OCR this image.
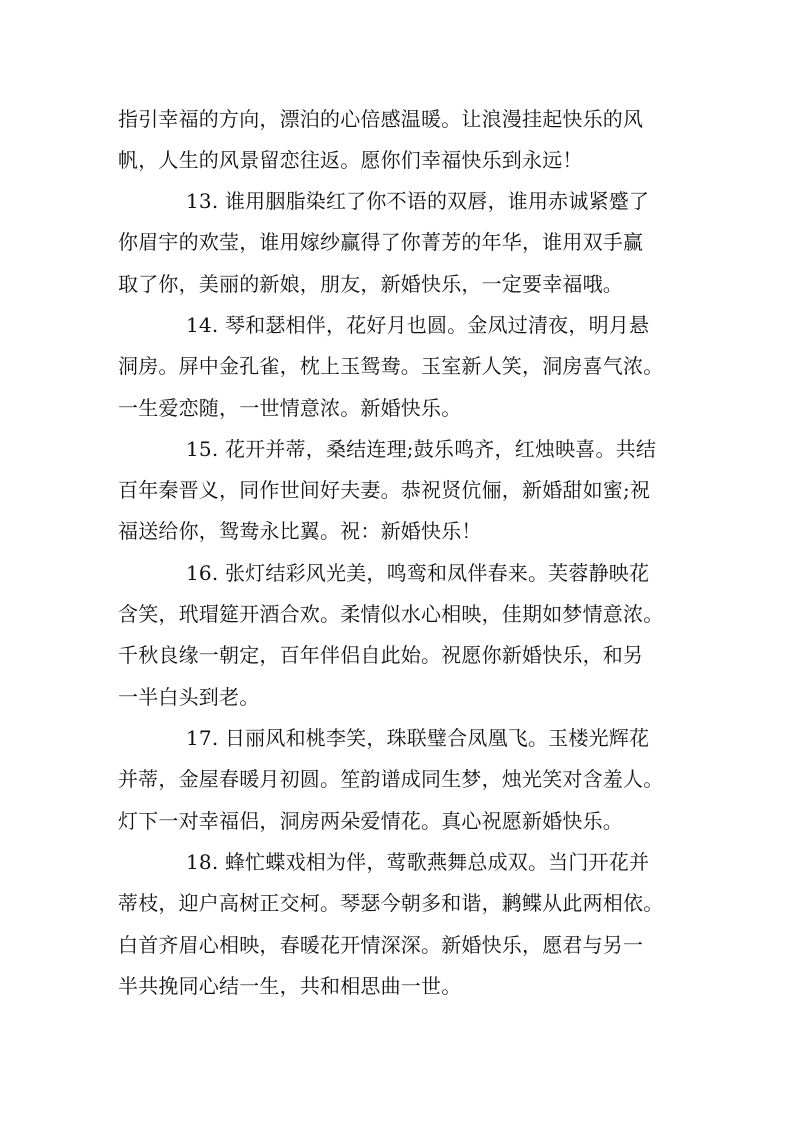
指引幸福的方向，漂泊的心倍感温暖。让浪漫挂起快乐的风
帆，人生的风景留恋往返。愿你们幸福快乐到永远！
13. 谁用胭脂染红了你不语的双唇，谁用赤诚紧蹙了
你眉宇的欢莹，谁用嫁纱赢得了你菁芳的年华，谁用双手赢
取了你，美丽的新娘，朋友，新婚快乐，一定要幸福哦。
14. 琴和瑟相伴，花好月也圆。金凤过清夜，明月悬
洞房。屏中金孔雀，枕上玉鸳鸯。玉室新人笑，洞房喜气浓。
一生爱恋随，一世情意浓。新婚快乐。
15. 花开并蒂，桑结连理;鼓乐鸣齐，红烛映喜。共结
百年秦晋义，同作世间好夫妻。恭祝贤伉俪，新婚甜如蜜;祝
福送给你，鸳鸯永比翼。祝：新婚快乐！
16. 张灯结彩风光美，鸣鸾和凤伴春来。芙蓉静映花
含笑，玳瑁筵开酒合欢。柔情似水心相映，佳期如梦情意浓。
千秋良缘一朝定，百年伴侣自此始。祝愿你新婚快乐，和另
一半白头到老。
17. 日丽风和桃李笑，珠联璧合凤凰飞。玉楼光辉花
并蒂，金屋春暖月初圆。笙韵谱成同生梦，烛光笑对含羞人。
灯下一对幸福侣，洞房两朵爱情花。真心祝愿新婚快乐。
18. 蜂忙蝶戏相为伴，莺歌燕舞总成双。当门开花并
蒂枝，迎户高树正交柯。琴瑟今朝多和谐，鹣鲽从此两相依。
白首齐眉心相映，春暖花开情深深。新婚快乐，愿君与另一
半共挽同心结一生，共和相思曲一世。
